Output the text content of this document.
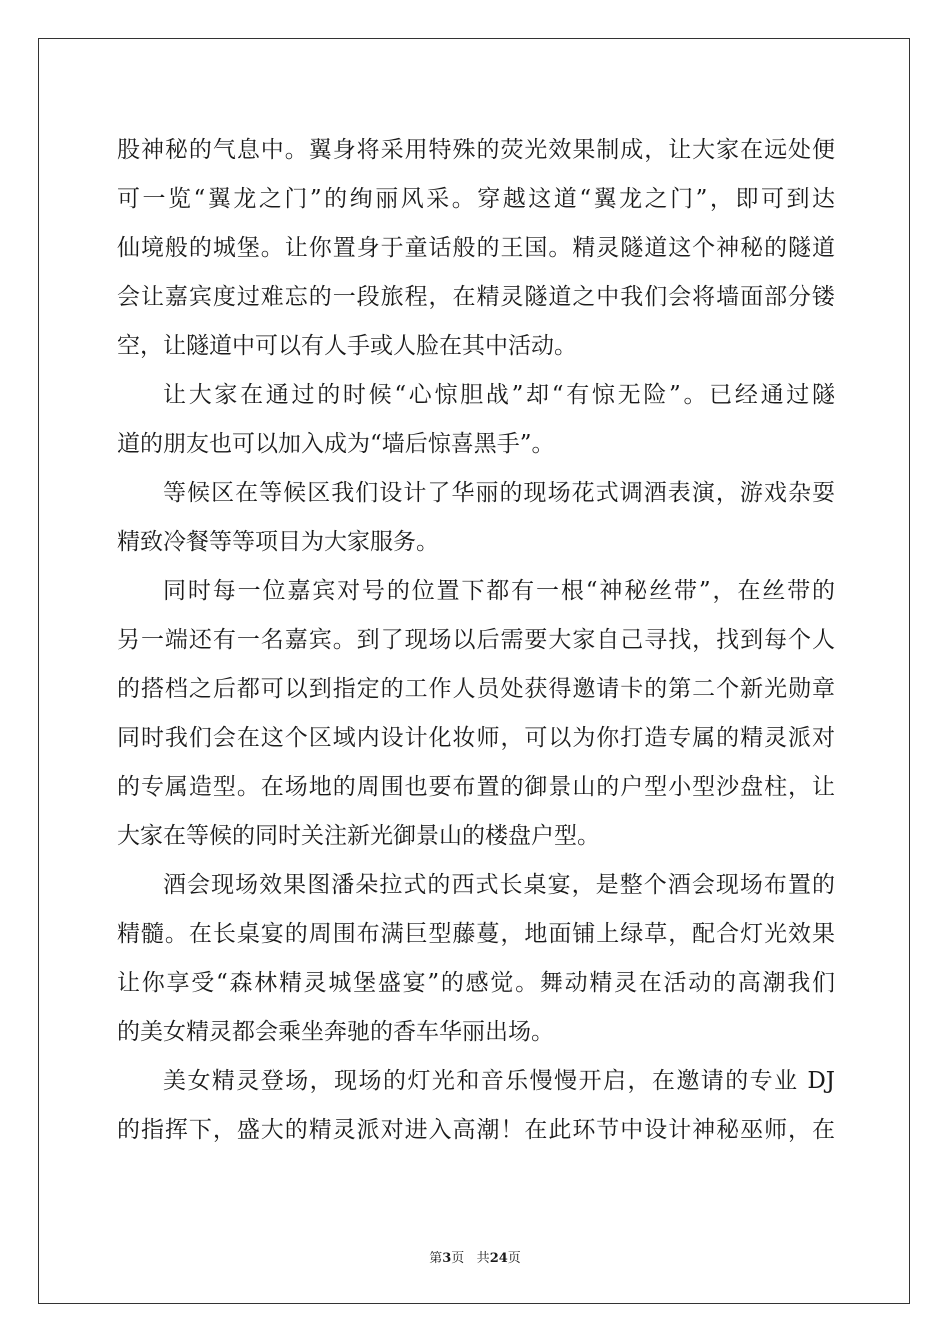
股神秘的气息中。翼身将采用特殊的荧光效果制成，让大家在远处便
可一览“翼龙之门”的绚丽风采。穿越这道“翼龙之门”，即可到达
仙境般的城堡。让你置身于童话般的王国。精灵隧道这个神秘的隧道
会让嘉宾度过难忘的一段旅程，在精灵隧道之中我们会将墙面部分镂
空，让隧道中可以有人手或人脸在其中活动。
让大家在通过的时候“心惊胆战”却“有惊无险”。已经通过隧
道的朋友也可以加入成为“墙后惊喜黑手”。
等候区在等候区我们设计了华丽的现场花式调酒表演，游戏杂耍
精致冷餐等等项目为大家服务。
同时每一位嘉宾对号的位置下都有一根“神秘丝带”，在丝带的
另一端还有一名嘉宾。到了现场以后需要大家自己寻找，找到每个人
的搭档之后都可以到指定的工作人员处获得邀请卡的第二个新光勋章
同时我们会在这个区域内设计化妆师，可以为你打造专属的精灵派对
的专属造型。在场地的周围也要布置的御景山的户型小型沙盘柱，让
大家在等候的同时关注新光御景山的楼盘户型。
酒会现场效果图潘朵拉式的西式长桌宴，是整个酒会现场布置的
精髓。在长桌宴的周围布满巨型藤蔓，地面铺上绿草，配合灯光效果
让你享受“森林精灵城堡盛宴”的感觉。舞动精灵在活动的高潮我们
的美女精灵都会乘坐奔驰的香车华丽出场。
美女精灵登场，现场的灯光和音乐慢慢开启，在邀请的专业 DJ
的指挥下，盛大的精灵派对进入高潮！在此环节中设计神秘巫师，在
第3页 共24页
